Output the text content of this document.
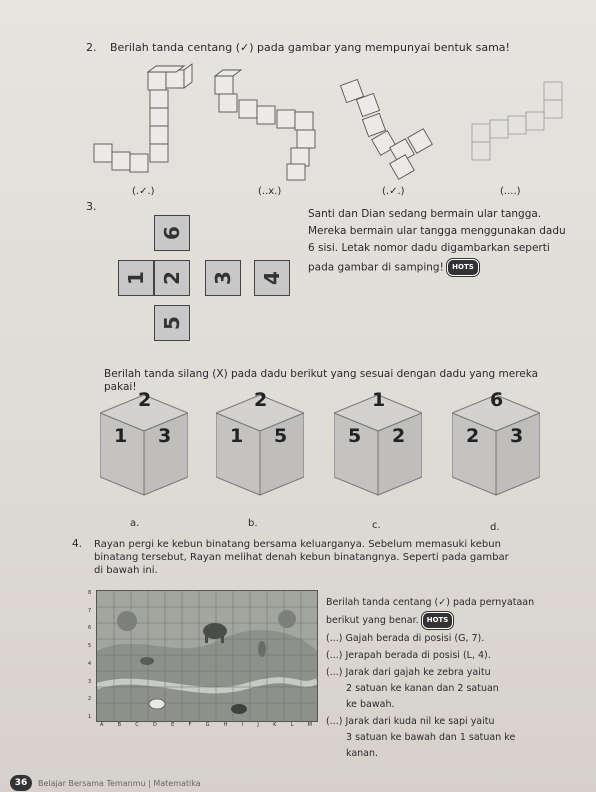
2. Berilah tanda centang (✓) pada gambar yang mempunyai bentuk sama!
(.✓.)	(..x.)	(.✓.)	(....)
3.
6
1 2	3	4
5
Santi dan Dian sedang bermain ular tangga.
Mereka bermain ular tangga menggunakan dadu
6 sisi. Letak nomor dadu digambarkan seperti
pada gambar di samping! HOTS
Berilah tanda silang (X) pada dadu berikut yang sesuai dengan dadu yang mereka
pakai!
2
1 3
a.
2
1 5
b.
1
5 2
c.
6
2 3
d.
4. Rayan pergi ke kebun binatang bersama keluarganya. Sebelum memasuki kebun
binatang tersebut, Rayan melihat denah kebun binatangnya. Seperti pada gambar
di bawah ini.
A	B	C	D	E	F	G	H	I	J	K	L	M
8
7
6
5
4
3
2
1
Berilah tanda centang (✓) pada pernyataan
berikut yang benar. HOTS
(...) Gajah berada di posisi (G, 7).
(...) Jerapah berada di posisi (L, 4).
(...) Jarak dari gajah ke zebra yaitu
2 satuan ke kanan dan 2 satuan
ke bawah.
(...) Jarak dari kuda nil ke sapi yaitu
3 satuan ke bawah dan 1 satuan ke
kanan.
36	Belajar Bersama Temanmu | Matematika
